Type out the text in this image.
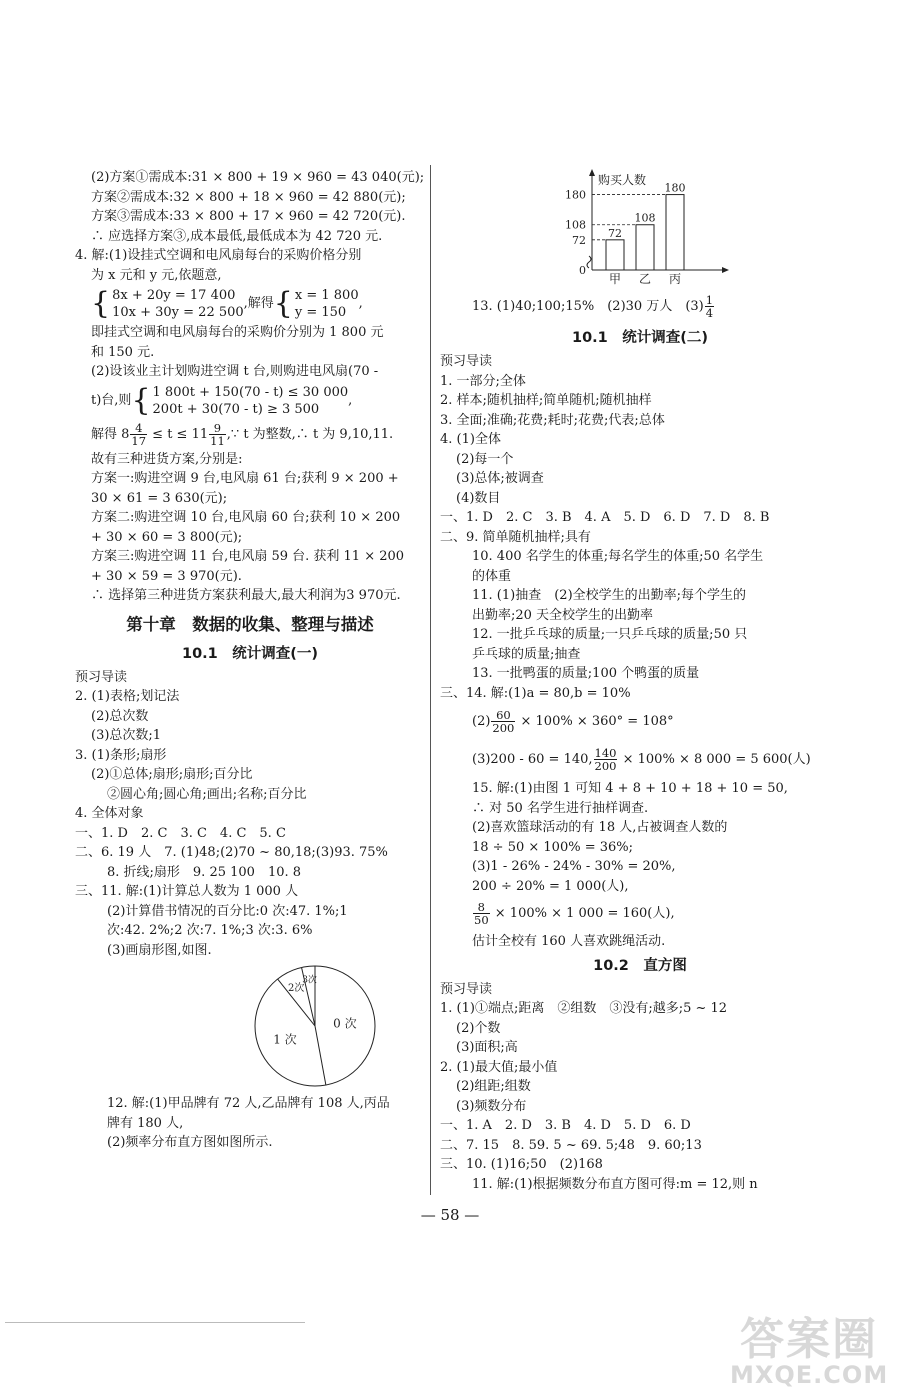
(2)方案①需成本:31 × 800 + 19 × 960 = 43 040(元);
方案②需成本:32 × 800 + 18 × 960 = 42 880(元);
方案③需成本:33 × 800 + 17 × 960 = 42 720(元).
∴ 应选择方案③,成本最低,最低成本为 42 720 元.
4. 解:(1)设挂式空调和电风扇每台的采购价格分别
为 x 元和 y 元,依题意,
{ 8x + 20y = 17 400
10x + 30y = 22 500
,解得 { x = 1 800
y = 150
,
即挂式空调和电风扇每台的采购价分别为 1 800 元
和 150 元.
(2)设该业主计划购进空调 t 台,则购进电风扇(70 -
t)台,则 { 1 800t + 150(70 - t) ≤ 30 000
200t + 30(70 - t) ≥ 3 500
,
解得 $8 \frac{4}{17} \le t \le 11 \frac{9}{11}$ ,∵ t 为整数,∴ t 为 9,10,11.
故有三种进货方案,分别是:
方案一:购进空调 9 台,电风扇 61 台;获利 9 × 200 +
30 × 61 = 3 630(元);
方案二:购进空调 10 台,电风扇 60 台;获利 10 × 200
+ 30 × 60 = 3 800(元);
方案三:购进空调 11 台,电风扇 59 台. 获利 11 × 200
+ 30 × 59 = 3 970(元).
∴ 选择第三种进货方案获利最大,最大利润为3 970元.
第十章　数据的收集、整理与描述
10.1　统计调查(一)
预习导读
2. (1)表格;划记法
(2)总次数
(3)总次数;1
3. (1)条形;扇形
(2)①总体;扇形;扇形;百分比
②圆心角;圆心角;画出;名称;百分比
4. 全体对象
一、1. D　2. C　3. C　4. C　5. C
二、6. 19 人　7. (1)48;(2)70 ~ 80,18;(3)93. 75%
8. 折线;扇形　9. 25 100　10. 8
三、11. 解:(1)计算总人数为 1 000 人
(2)计算借书情况的百分比:0 次:47. 1%;1
次:42. 2%;2 次:7. 1%;3 次:3. 6%
(3)画扇形图,如图.
0 次
1 次
2次
3次
12. 解:(1)甲品牌有 72 人,乙品牌有 108 人,丙品
牌有 180 人,
(2)频率分布直方图如图所示.
购买人数
0
72
108
180
72
甲
108
乙
180
丙
13. (1)40;100;15%　(2)30 万人　$(3) \frac{1}{4}$
10.1　统计调查(二)
预习导读
1. 一部分;全体
2. 样本;随机抽样;简单随机;随机抽样
3. 全面;准确;花费;耗时;花费;代表;总体
4. (1)全体
(2)每一个
(3)总体;被调查
(4)数目
一、1. D　2. C　3. B　4. A　5. D　6. D　7. D　8. B
二、9. 简单随机抽样;具有
10. 400 名学生的体重;每名学生的体重;50 名学生
的体重
11. (1)抽查　(2)全校学生的出勤率;每个学生的
出勤率;20 天全校学生的出勤率
12. 一批乒乓球的质量;一只乒乓球的质量;50 只
乒乓球的质量;抽查
13. 一批鸭蛋的质量;100 个鸭蛋的质量
三、14. 解:(1)a = 80,b = 10%
$(2) \frac{60}{200} \times 100\% \times 360^\circ = 108^\circ$
(3)200 - 60 = 140, $\frac{140}{200} \times 100\% \times 8$ 000 = 5 600(人)
15. 解:(1)由图 1 可知 4 + 8 + 10 + 18 + 10 = 50,
∴ 对 50 名学生进行抽样调查.
(2)喜欢篮球活动的有 18 人,占被调查人数的
18 ÷ 50 × 100% = 36%;
(3)1 - 26% - 24% - 30% = 20%,
200 ÷ 20% = 1 000(人),
$\frac{8}{50} \times 100\% \times 1$ 000 = 160(人),
估计全校有 160 人喜欢跳绳活动.
10.2　直方图
预习导读
1. (1)①端点;距离　②组数　③没有;越多;5 ~ 12
(2)个数
(3)面积;高
2. (1)最大值;最小值
(2)组距;组数
(3)频数分布
一、1. A　2. D　3. B　4. D　5. D　6. D
二、7. 15　8. 59. 5 ~ 69. 5;48　9. 60;13
三、10. (1)16;50　(2)168
11. 解:(1)根据频数分布直方图可得:m = 12,则 n
— 58 —
答案圈
MXQE.COM
